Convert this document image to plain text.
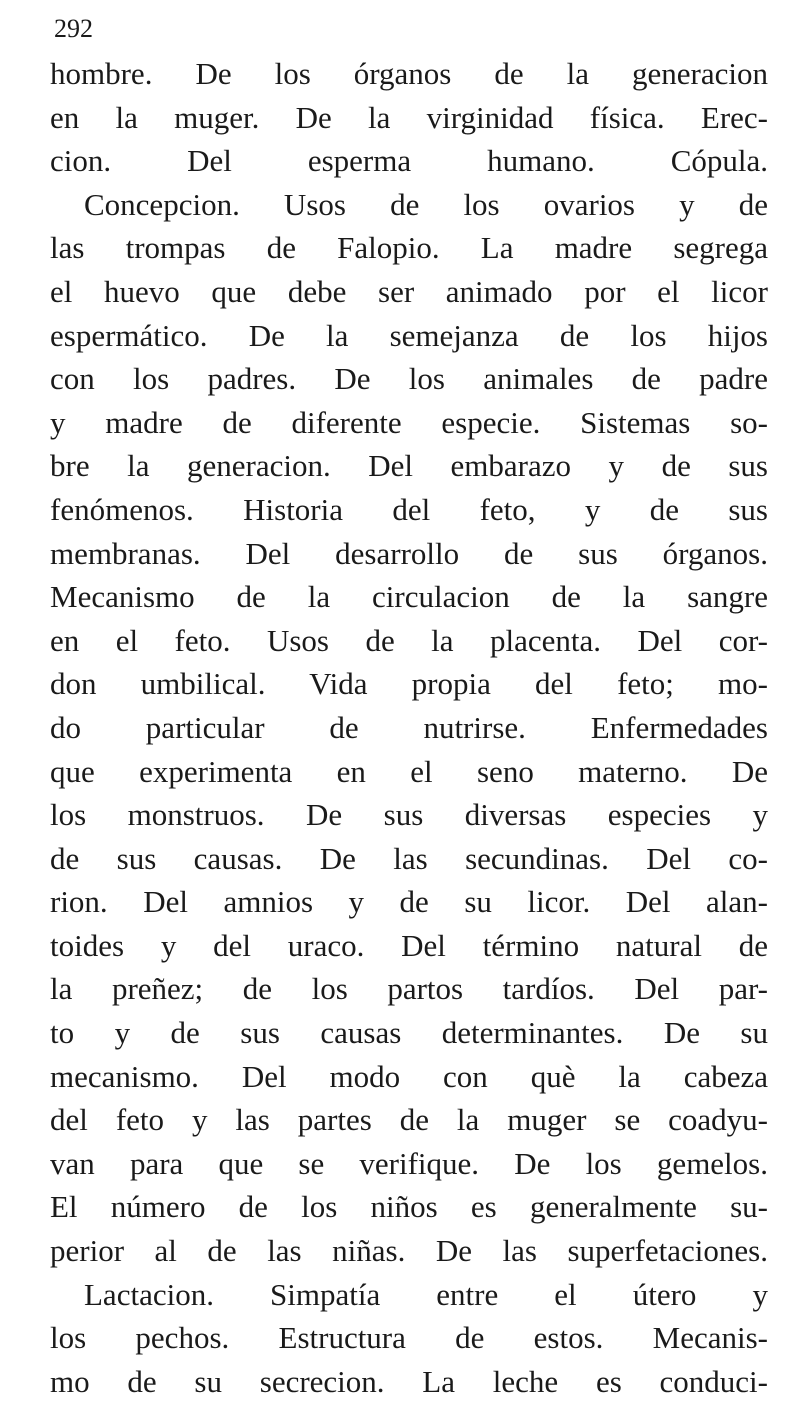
292
hombre. De los órganos de la generacion
en la muger. De la virginidad física. Erec-
cion. Del esperma humano. Cópula.
Concepcion. Usos de los ovarios y de
las trompas de Falopio. La madre segrega
el huevo que debe ser animado por el licor
espermático. De la semejanza de los hijos
con los padres. De los animales de padre
y madre de diferente especie. Sistemas so-
bre la generacion. Del embarazo y de sus
fenómenos. Historia del feto, y de sus
membranas. Del desarrollo de sus órganos.
Mecanismo de la circulacion de la sangre
en el feto. Usos de la placenta. Del cor-
don umbilical. Vida propia del feto; mo-
do particular de nutrirse. Enfermedades
que experimenta en el seno materno. De
los monstruos. De sus diversas especies y
de sus causas. De las secundinas. Del co-
rion. Del amnios y de su licor. Del alan-
toides y del uraco. Del término natural de
la preñez; de los partos tardíos. Del par-
to y de sus causas determinantes. De su
mecanismo. Del modo con què la cabeza
del feto y las partes de la muger se coadyu-
van para que se verifique. De los gemelos.
El número de los niños es generalmente su-
perior al de las niñas. De las superfetaciones.
Lactacion. Simpatía entre el útero y
los pechos. Estructura de estos. Mecanis-
mo de su secrecion. La leche es conduci-
